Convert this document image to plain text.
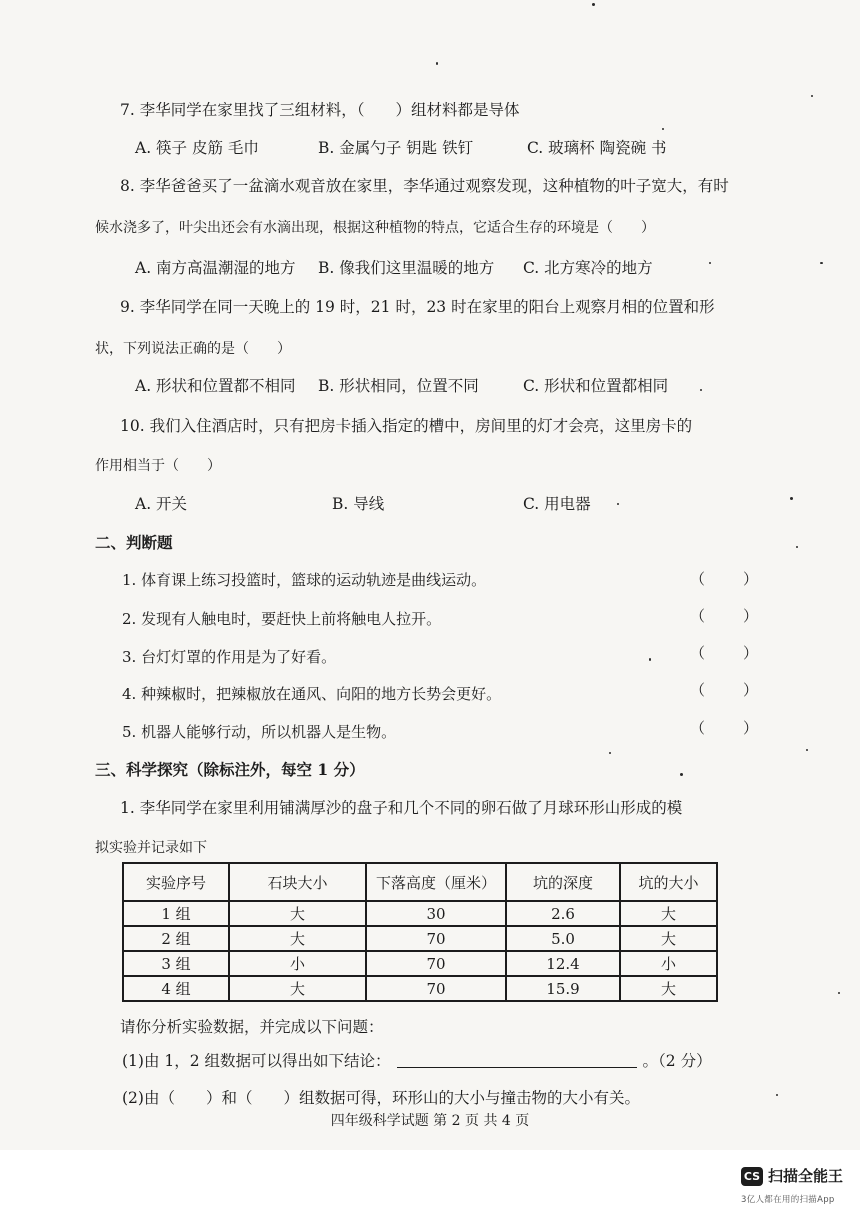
7. 李华同学在家里找了三组材料，（　　）组材料都是导体
A. 筷子 皮筋 毛巾	B. 金属勺子 钥匙 铁钉	C. 玻璃杯 陶瓷碗 书
8. 李华爸爸买了一盆滴水观音放在家里，李华通过观察发现，这种植物的叶子宽大，有时
候水浇多了，叶尖出还会有水滴出现，根据这种植物的特点，它适合生存的环境是（　　）
A. 南方高温潮湿的地方 B. 像我们这里温暖的地方 C. 北方寒冷的地方
9. 李华同学在同一天晚上的 19 时，21 时，23 时在家里的阳台上观察月相的位置和形
状，下列说法正确的是（　　）
A. 形状和位置都不相同 B. 形状相同，位置不同	C. 形状和位置都相同
10. 我们入住酒店时，只有把房卡插入指定的槽中，房间里的灯才会亮，这里房卡的
作用相当于（　　）
A. 开关	B. 导线	C. 用电器
二、判断题
1. 体育课上练习投篮时，篮球的运动轨迹是曲线运动。	（	）
2. 发现有人触电时，要赶快上前将触电人拉开。	（	）
3. 台灯灯罩的作用是为了好看。	（	）
4. 种辣椒时，把辣椒放在通风、向阳的地方长势会更好。	（	）
5. 机器人能够行动，所以机器人是生物。	（	）
三、科学探究（除标注外，每空 1 分）
1. 李华同学在家里利用铺满厚沙的盘子和几个不同的卵石做了月球环形山形成的模
拟实验并记录如下
实验序号	石块大小	下落高度（厘米）	坑的深度	坑的大小
1 组	大	30	2.6	大
2 组	大	70	5.0	大
3 组	小	70	12.4	小
4 组	大	70	15.9	大
请你分析实验数据，并完成以下问题：
(1)由 1，2 组数据可以得出如下结论：	。（2 分）
(2)由（　　）和（　　）组数据可得，环形山的大小与撞击物的大小有关。
四年级科学试题 第 2 页 共 4 页
CS 扫描全能王
3亿人都在用的扫描App
